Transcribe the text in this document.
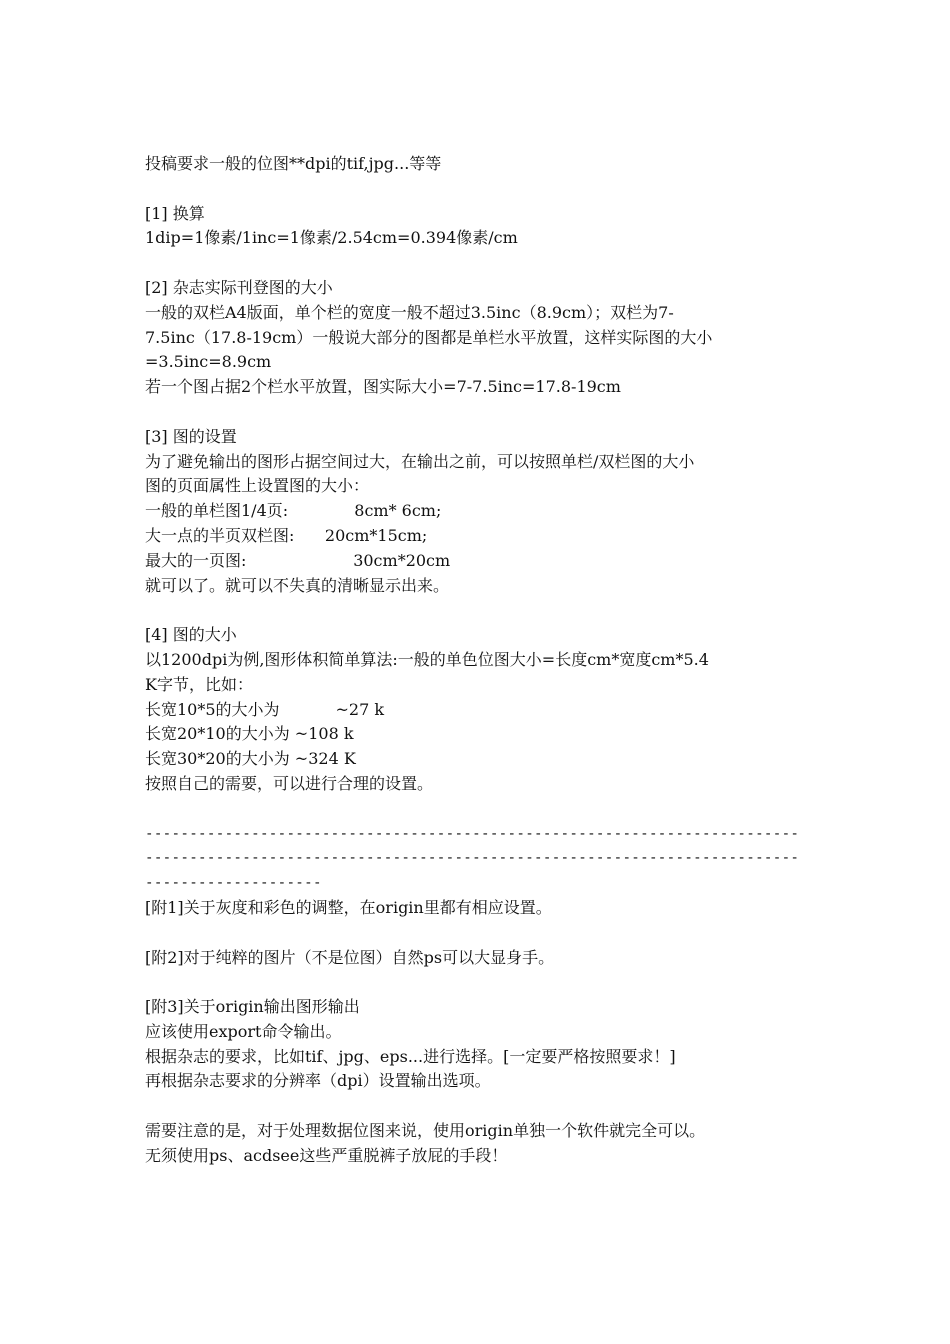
投稿要求一般的位图**dpi的tif,jpg...等等
[1] 换算
1dip=1像素/1inc=1像素/2.54cm=0.394像素/cm
[2] 杂志实际刊登图的大小
一般的双栏A4版面，单个栏的宽度一般不超过3.5inc（8.9cm）；双栏为7-
7.5inc（17.8-19cm）一般说大部分的图都是单栏水平放置，这样实际图的大小
=3.5inc=8.9cm
若一个图占据2个栏水平放置，图实际大小=7-7.5inc=17.8-19cm
[3] 图的设置
为了避免输出的图形占据空间过大，在输出之前，可以按照单栏/双栏图的大小
图的页面属性上设置图的大小：
一般的单栏图1/4页:             8cm* 6cm;
大一点的半页双栏图:      20cm*15cm;
最大的一页图:                     30cm*20cm
就可以了。就可以不失真的清晰显示出来。
[4] 图的大小
以1200dpi为例,图形体积简单算法:一般的单色位图大小=长度cm*宽度cm*5.4
K字节，比如：
长宽10*5的大小为           ~27 k
长宽20*10的大小为 ~108 k
长宽30*20的大小为 ~324 K
按照自己的需要，可以进行合理的设置。
--------------------------------------------------------------------------
--------------------------------------------------------------------------
--------------------
[附1]关于灰度和彩色的调整，在origin里都有相应设置。
[附2]对于纯粹的图片（不是位图）自然ps可以大显身手。
[附3]关于origin输出图形输出
应该使用export命令输出。
根据杂志的要求，比如tif、jpg、eps...进行选择。[一定要严格按照要求！]
再根据杂志要求的分辨率（dpi）设置输出选项。
需要注意的是，对于处理数据位图来说，使用origin单独一个软件就完全可以。
无须使用ps、acdsee这些严重脱裤子放屁的手段！
